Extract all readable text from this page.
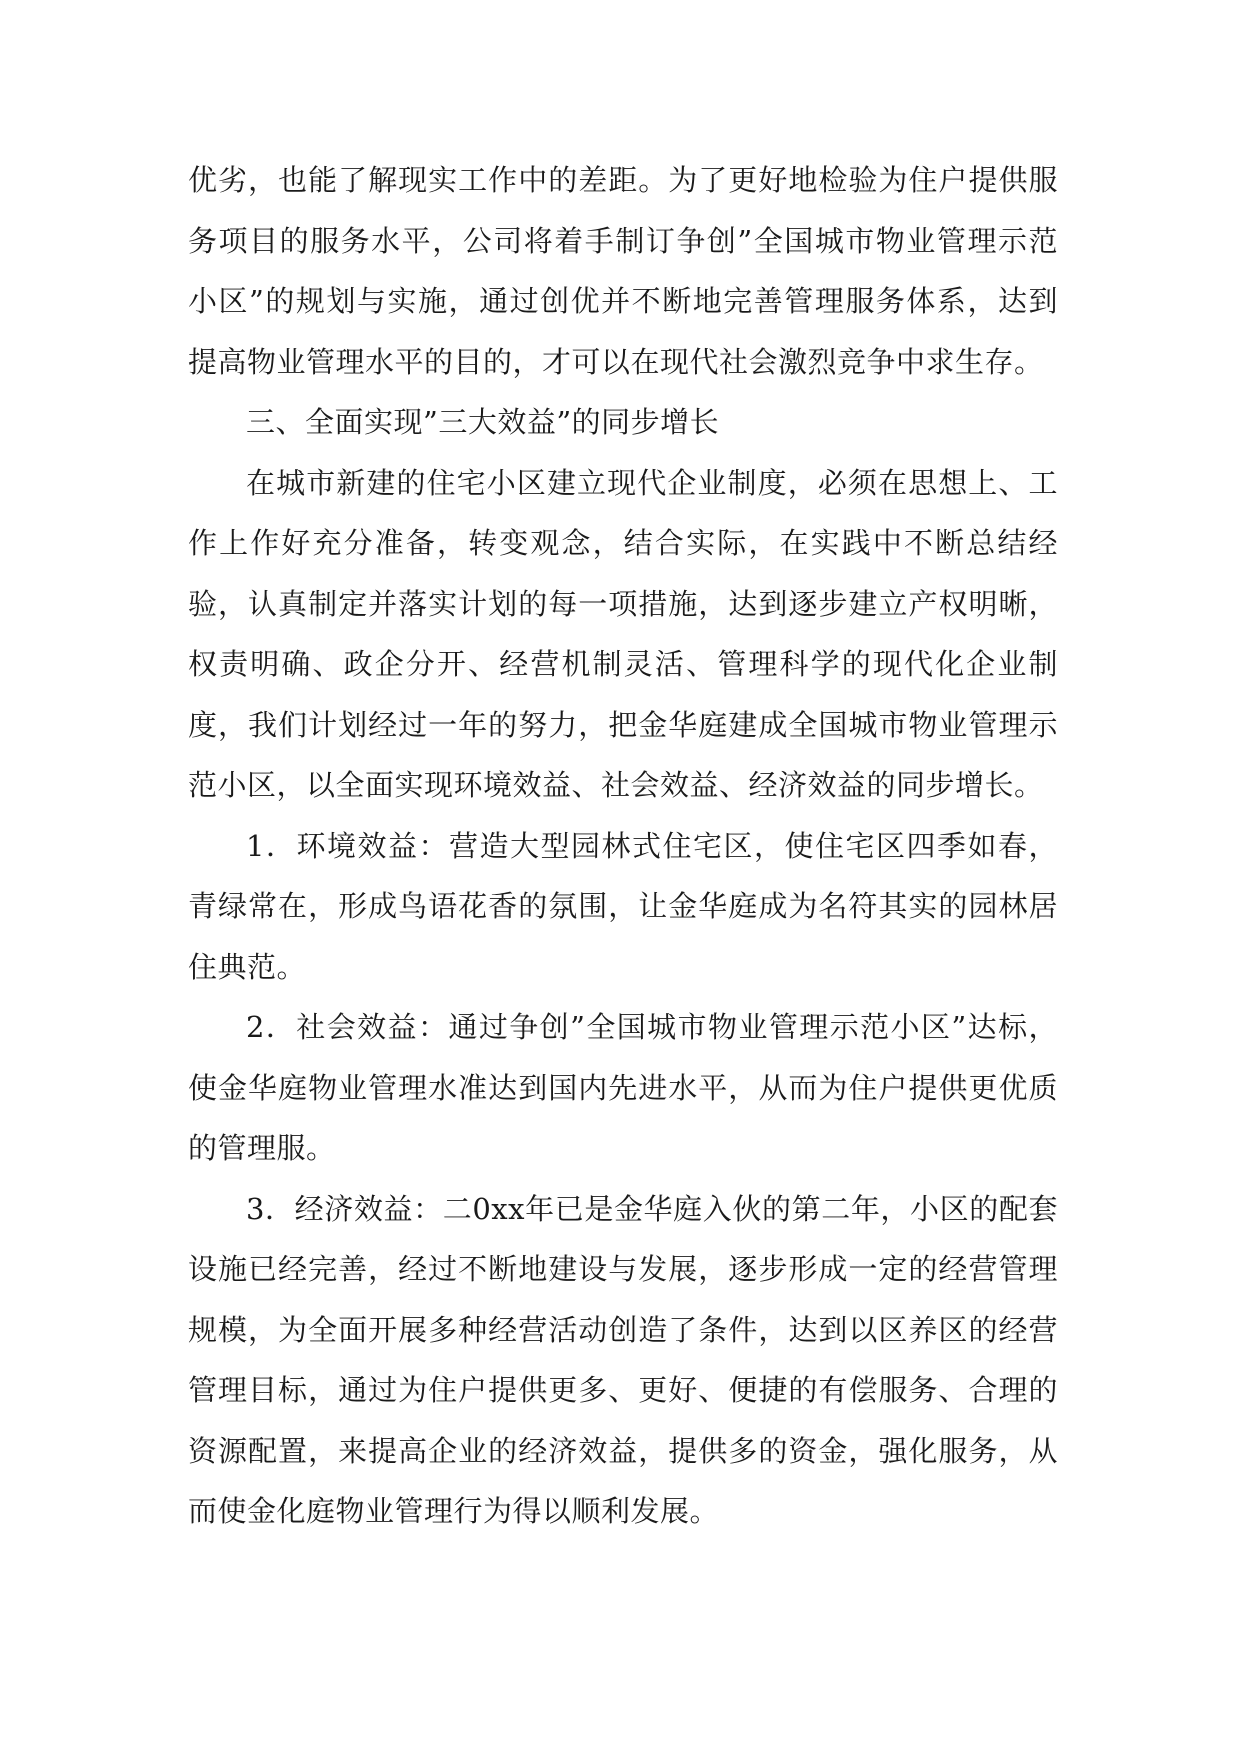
优劣，也能了解现实工作中的差距。为了更好地检验为住户提供服务项目的服务水平，公司将着手制订争创”全国城市物业管理示范小区”的规划与实施，通过创优并不断地完善管理服务体系，达到提高物业管理水平的目的，才可以在现代社会激烈竞争中求生存。

三、全面实现”三大效益”的同步增长

在城市新建的住宅小区建立现代企业制度，必须在思想上、工作上作好充分准备，转变观念，结合实际，在实践中不断总结经验，认真制定并落实计划的每一项措施，达到逐步建立产权明晰，权责明确、政企分开、经营机制灵活、管理科学的现代化企业制度，我们计划经过一年的努力，把金华庭建成全国城市物业管理示范小区，以全面实现环境效益、社会效益、经济效益的同步增长。

1．环境效益：营造大型园林式住宅区，使住宅区四季如春，青绿常在，形成鸟语花香的氛围，让金华庭成为名符其实的园林居住典范。

2．社会效益：通过争创”全国城市物业管理示范小区”达标，使金华庭物业管理水准达到国内先进水平，从而为住户提供更优质的管理服。

3．经济效益：二0xx年已是金华庭入伙的第二年，小区的配套设施已经完善，经过不断地建设与发展，逐步形成一定的经营管理规模，为全面开展多种经营活动创造了条件，达到以区养区的经营管理目标，通过为住户提供更多、更好、便捷的有偿服务、合理的资源配置，来提高企业的经济效益，提供多的资金，强化服务，从而使金化庭物业管理行为得以顺利发展。
